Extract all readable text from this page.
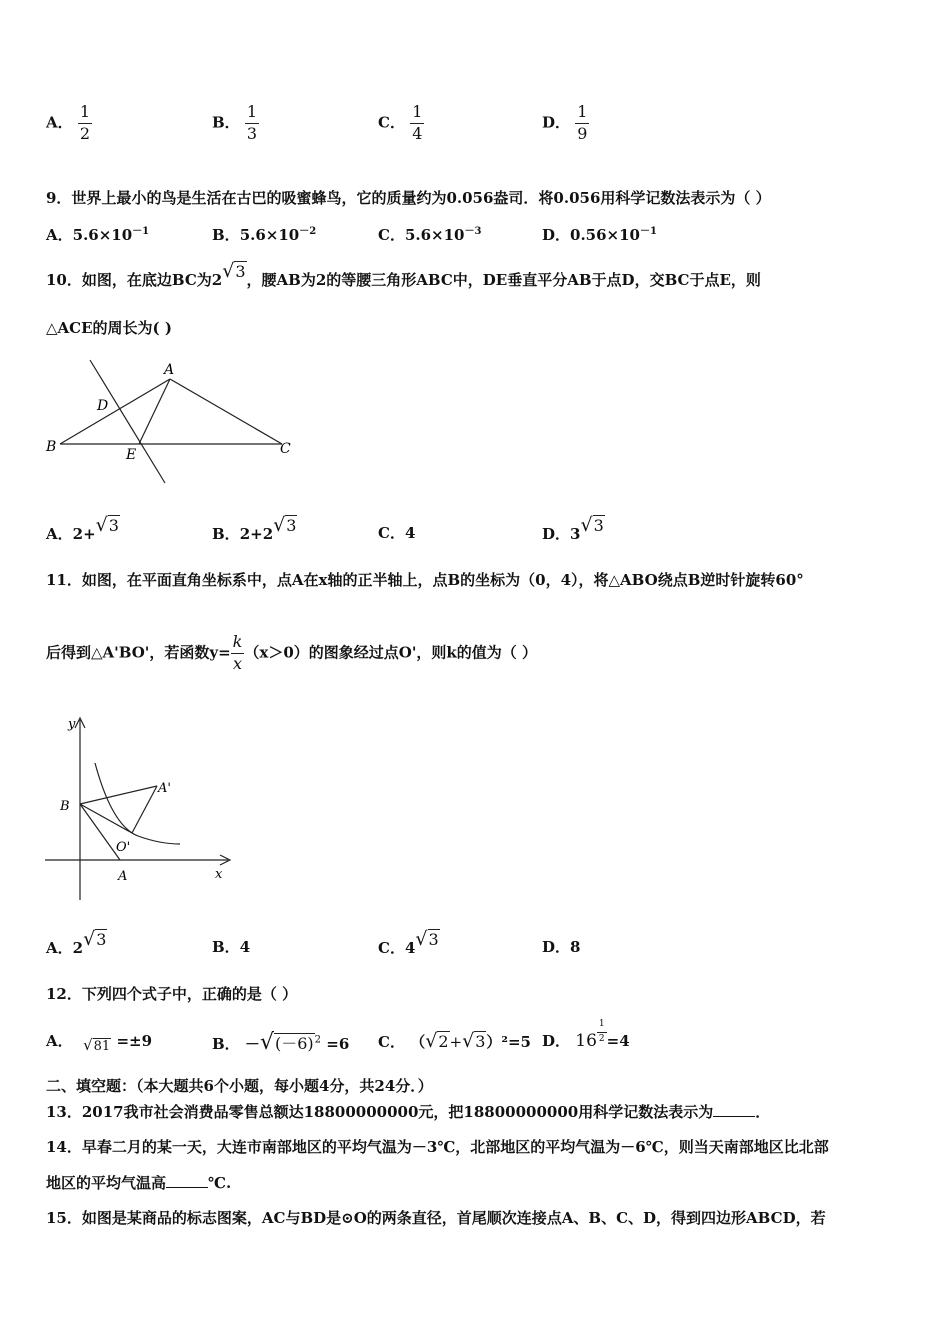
A． $\frac{1}{2}$	B． $\frac{1}{3}$	C． $\frac{1}{4}$	D． $\frac{1}{9}$
9．世界上最小的鸟是生活在古巴的吸蜜蜂鸟，它的质量约为0.056盎司．将0.056用科学记数法表示为（ ）
A．$5.6\times 10^{-1}$	B．$5.6\times 10^{-2}$	C．$5.6\times 10^{-3}$	D．$0.56\times 10^{-1}$
10．如图，在底边BC为2√3，腰AB为2的等腰三角形ABC中，DE垂直平分AB于点D，交BC于点E，则
△ACE的周长为( )
A
B	C
D
E
A．2+√3	B．2+2√3	C．4	D．3√3
11．如图，在平面直角坐标系中，点A在x轴的正半轴上，点B的坐标为（0，4），将△ABO绕点B逆时针旋转60°
后得到△A'BO'，若函数$y= \frac{k}{x} (x>0)$的图象经过点O'，则k的值为（ ）
y
x
B
A
A'
O'
A．2√3	B．4	C．4√3	D．8
12．下列四个式子中，正确的是（ ）
A． √81 =±9	B． $-√(-6)^2 =6$ C． （√2+√3）²=5 D． $16 \frac{1}{2} =4$
二、填空题：（本大题共6个小题，每小题4分，共24分．）
13．2017我市社会消费品零售总额达18800000000元，把18800000000用科学记数法表示为	．
14．早春二月的某一天，大连市南部地区的平均气温为－3℃，北部地区的平均气温为－6℃，则当天南部地区比北部
地区的平均气温高	℃.
15．如图是某商品的标志图案，AC与BD是⊙O的两条直径，首尾顺次连接点A、B、C、D，得到四边形ABCD，若
